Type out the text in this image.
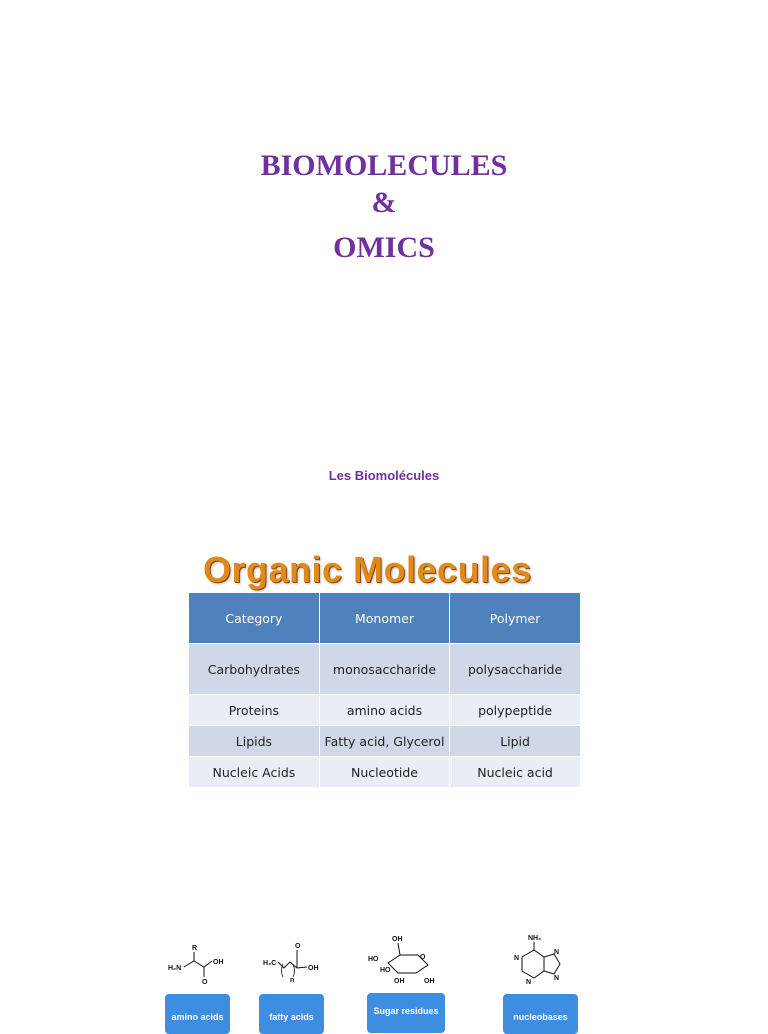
BIOMOLECULES
&
OMICS
Les Biomolécules
Organic Molecules
Category	Monomer	Polymer
Carbohydrates	monosaccharide	polysaccharide
Proteins	amino acids	polypeptide
Lipids	Fatty acid, Glycerol	Lipid
Nucleic Acids	Nucleotide	Nucleic acid
R
H₂N
OH
O
H₃C
O
OH
n
OH
HO
HO
O
OH	OH
NH₂
N
N
N
N
amino acids	fatty acids
Sugar residues
nucleobases
